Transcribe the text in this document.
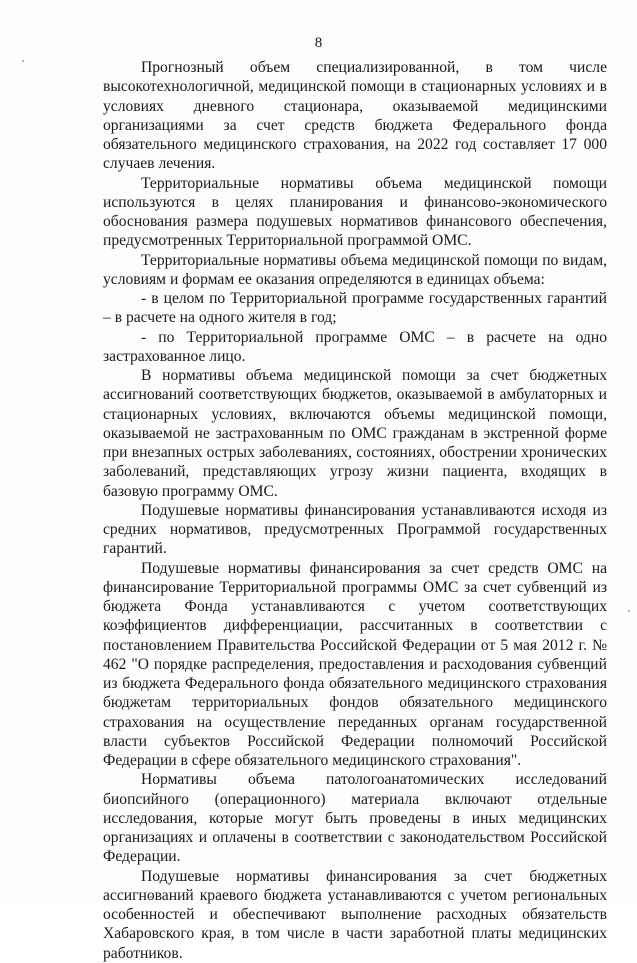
8

Прогнозный объем специализированной, в том числе высокотехнологичной, медицинской помощи в стационарных условиях и в условиях дневного стационара, оказываемой медицинскими организациями за счет средств бюджета Федерального фонда обязательного медицинского страхования, на 2022 год составляет 17 000 случаев лечения.

Территориальные нормативы объема медицинской помощи используются в целях планирования и финансово-экономического обоснования размера подушевых нормативов финансового обеспечения, предусмотренных Территориальной программой ОМС.

Территориальные нормативы объема медицинской помощи по видам, условиям и формам ее оказания определяются в единицах объема:

- в целом по Территориальной программе государственных гарантий – в расчете на одного жителя в год;

- по Территориальной программе ОМС – в расчете на одно застрахованное лицо.

В нормативы объема медицинской помощи за счет бюджетных ассигнований соответствующих бюджетов, оказываемой в амбулаторных и стационарных условиях, включаются объемы медицинской помощи, оказываемой не застрахованным по ОМС гражданам в экстренной форме при внезапных острых заболеваниях, состояниях, обострении хронических заболеваний, представляющих угрозу жизни пациента, входящих в базовую программу ОМС.

Подушевые нормативы финансирования устанавливаются исходя из средних нормативов, предусмотренных Программой государственных гарантий.

Подушевые нормативы финансирования за счет средств ОМС на финансирование Территориальной программы ОМС за счет субвенций из бюджета Фонда устанавливаются с учетом соответствующих коэффициентов дифференциации, рассчитанных в соответствии с постановлением Правительства Российской Федерации от 5 мая 2012 г. № 462 "О порядке распределения, предоставления и расходования субвенций из бюджета Федерального фонда обязательного медицинского страхования бюджетам территориальных фондов обязательного медицинского страхования на осуществление переданных органам государственной власти субъектов Российской Федерации полномочий Российской Федерации в сфере обязательного медицинского страхования".

Нормативы объема патологоанатомических исследований биопсийного (операционного) материала включают отдельные исследования, которые могут быть проведены в иных медицинских организациях и оплачены в соответствии с законодательством Российской Федерации.

Подушевые нормативы финансирования за счет бюджетных ассигнований краевого бюджета устанавливаются с учетом региональных особенностей и обеспечивают выполнение расходных обязательств Хабаровского края, в том числе в части заработной платы медицинских работников.
